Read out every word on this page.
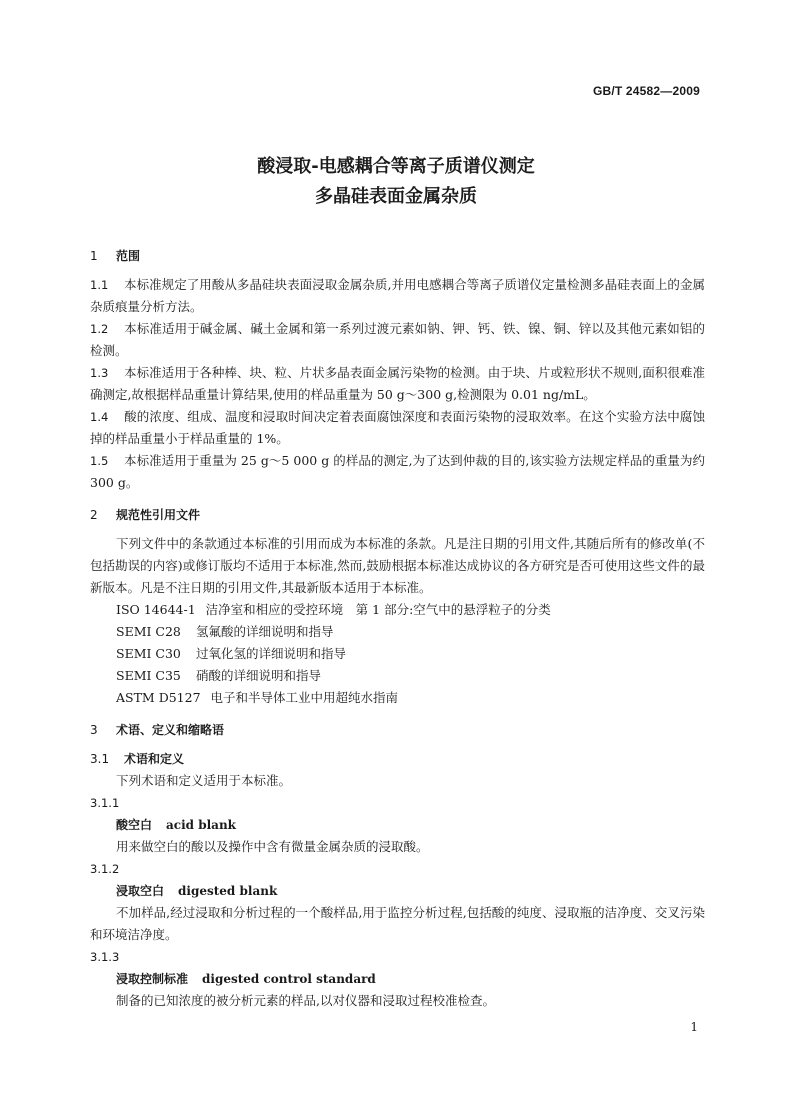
GB/T 24582—2009
酸浸取-电感耦合等离子质谱仪测定
多晶硅表面金属杂质
1 范围

1.1 本标准规定了用酸从多晶硅块表面浸取金属杂质,并用电感耦合等离子质谱仪定量检测多晶硅表面上的金属杂质痕量分析方法。

1.2 本标准适用于碱金属、碱土金属和第一系列过渡元素如钠、钾、钙、铁、镍、铜、锌以及其他元素如铝的检测。

1.3 本标准适用于各种棒、块、粒、片状多晶表面金属污染物的检测。由于块、片或粒形状不规则,面积很难准确测定,故根据样品重量计算结果,使用的样品重量为 50 g～300 g,检测限为 0.01 ng/mL。

1.4 酸的浓度、组成、温度和浸取时间决定着表面腐蚀深度和表面污染物的浸取效率。在这个实验方法中腐蚀掉的样品重量小于样品重量的 1%。

1.5 本标准适用于重量为 25 g～5 000 g 的样品的测定,为了达到仲裁的目的,该实验方法规定样品的重量为约 300 g。

2 规范性引用文件

下列文件中的条款通过本标准的引用而成为本标准的条款。凡是注日期的引用文件,其随后所有的修改单(不包括勘误的内容)或修订版均不适用于本标准,然而,鼓励根据本标准达成协议的各方研究是否可使用这些文件的最新版本。凡是不注日期的引用文件,其最新版本适用于本标准。

ISO 14644-1 洁净室和相应的受控环境　第 1 部分:空气中的悬浮粒子的分类

SEMI C28 氢氟酸的详细说明和指导

SEMI C30 过氧化氢的详细说明和指导

SEMI C35 硝酸的详细说明和指导

ASTM D5127 电子和半导体工业中用超纯水指南

3 术语、定义和缩略语
3.1 术语和定义

下列术语和定义适用于本标准。

3.1.1

酸空白 acid blank

用来做空白的酸以及操作中含有微量金属杂质的浸取酸。

3.1.2

浸取空白 digested blank

不加样品,经过浸取和分析过程的一个酸样品,用于监控分析过程,包括酸的纯度、浸取瓶的洁净度、交叉污染和环境洁净度。

3.1.3

浸取控制标准 digested control standard

制备的已知浓度的被分析元素的样品,以对仪器和浸取过程校准检查。

1
